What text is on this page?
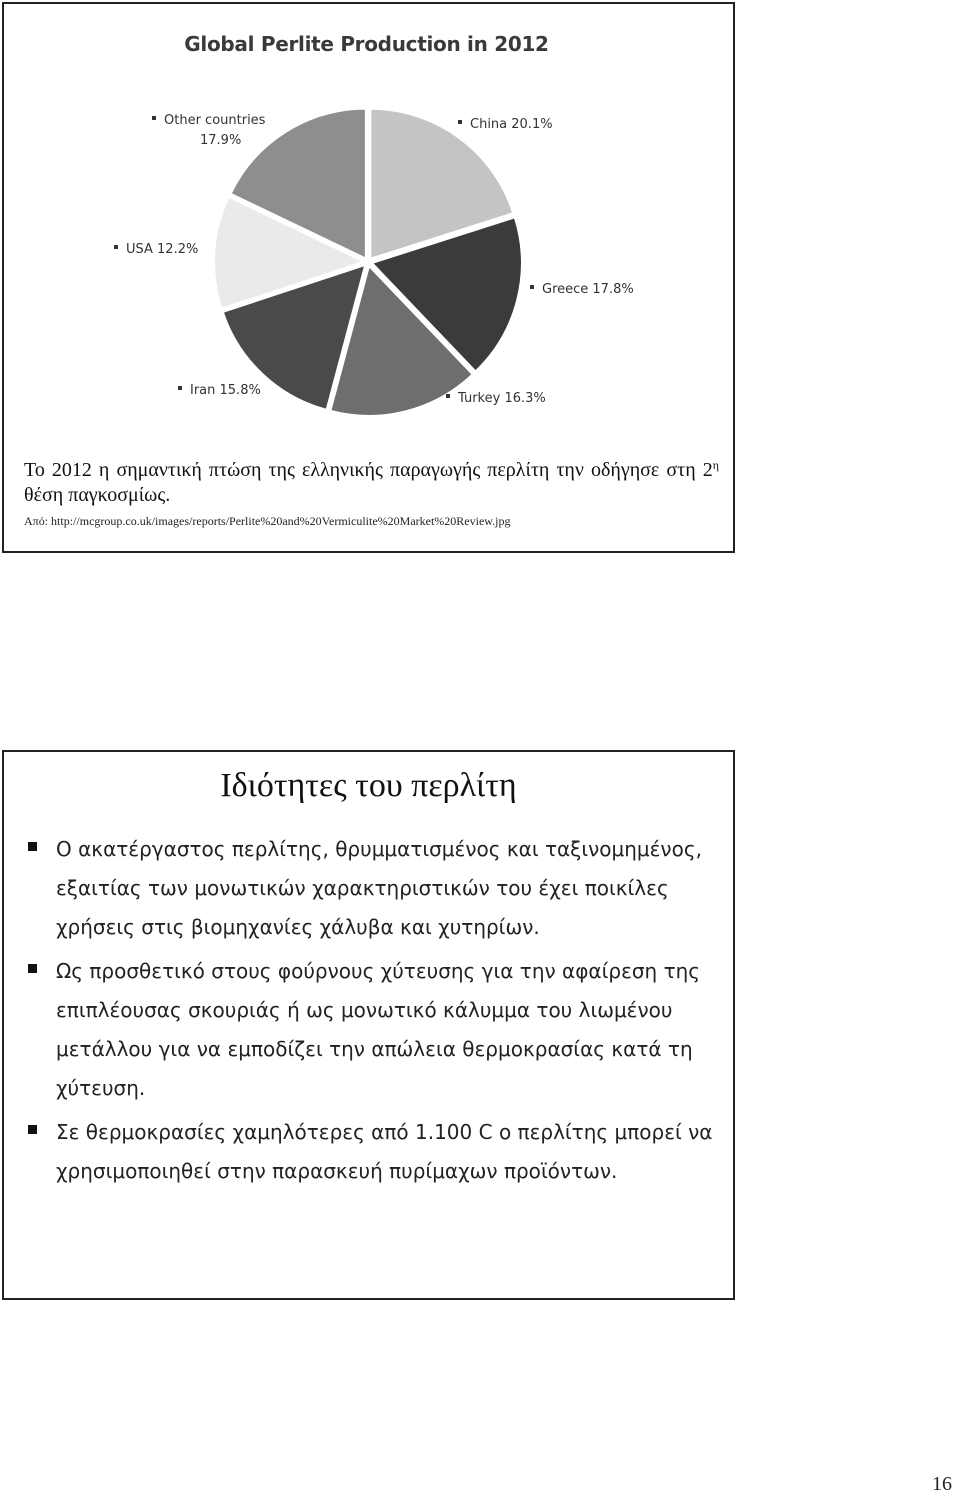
Global Perlite Production in 2012
China 20.1%
Greece 17.8%
Turkey 16.3%
Iran 15.8%
USA 12.2%
Other countries 17.9%
Το 2012 η σημαντική πτώση της ελληνικής παραγωγής περλίτη την οδήγησε στη $2^\eta$ θέση παγκοσμίως.
Από: http://mcgroup.co.uk/images/reports/Perlite%20and%20Vermiculite%20Market%20Review.jpg
Ιδιότητες του περλίτη
Ο ακατέργαστος περλίτης, θρυμματισμένος και ταξινομημένος, εξαιτίας των μονωτικών χαρακτηριστικών του έχει ποικίλες χρήσεις στις βιομηχανίες χάλυβα και χυτηρίων.
Ως προσθετικό στους φούρνους χύτευσης για την αφαίρεση της επιπλέουσας σκουριάς ή ως μονωτικό κάλυμμα του λιωμένου μετάλλου για να εμποδίζει την απώλεια θερμοκρασίας κατά τη χύτευση.
Σε θερμοκρασίες χαμηλότερες από 1.100 C ο περλίτης μπορεί να χρησιμοποιηθεί στην παρασκευή πυρίμαχων προϊόντων.
16
